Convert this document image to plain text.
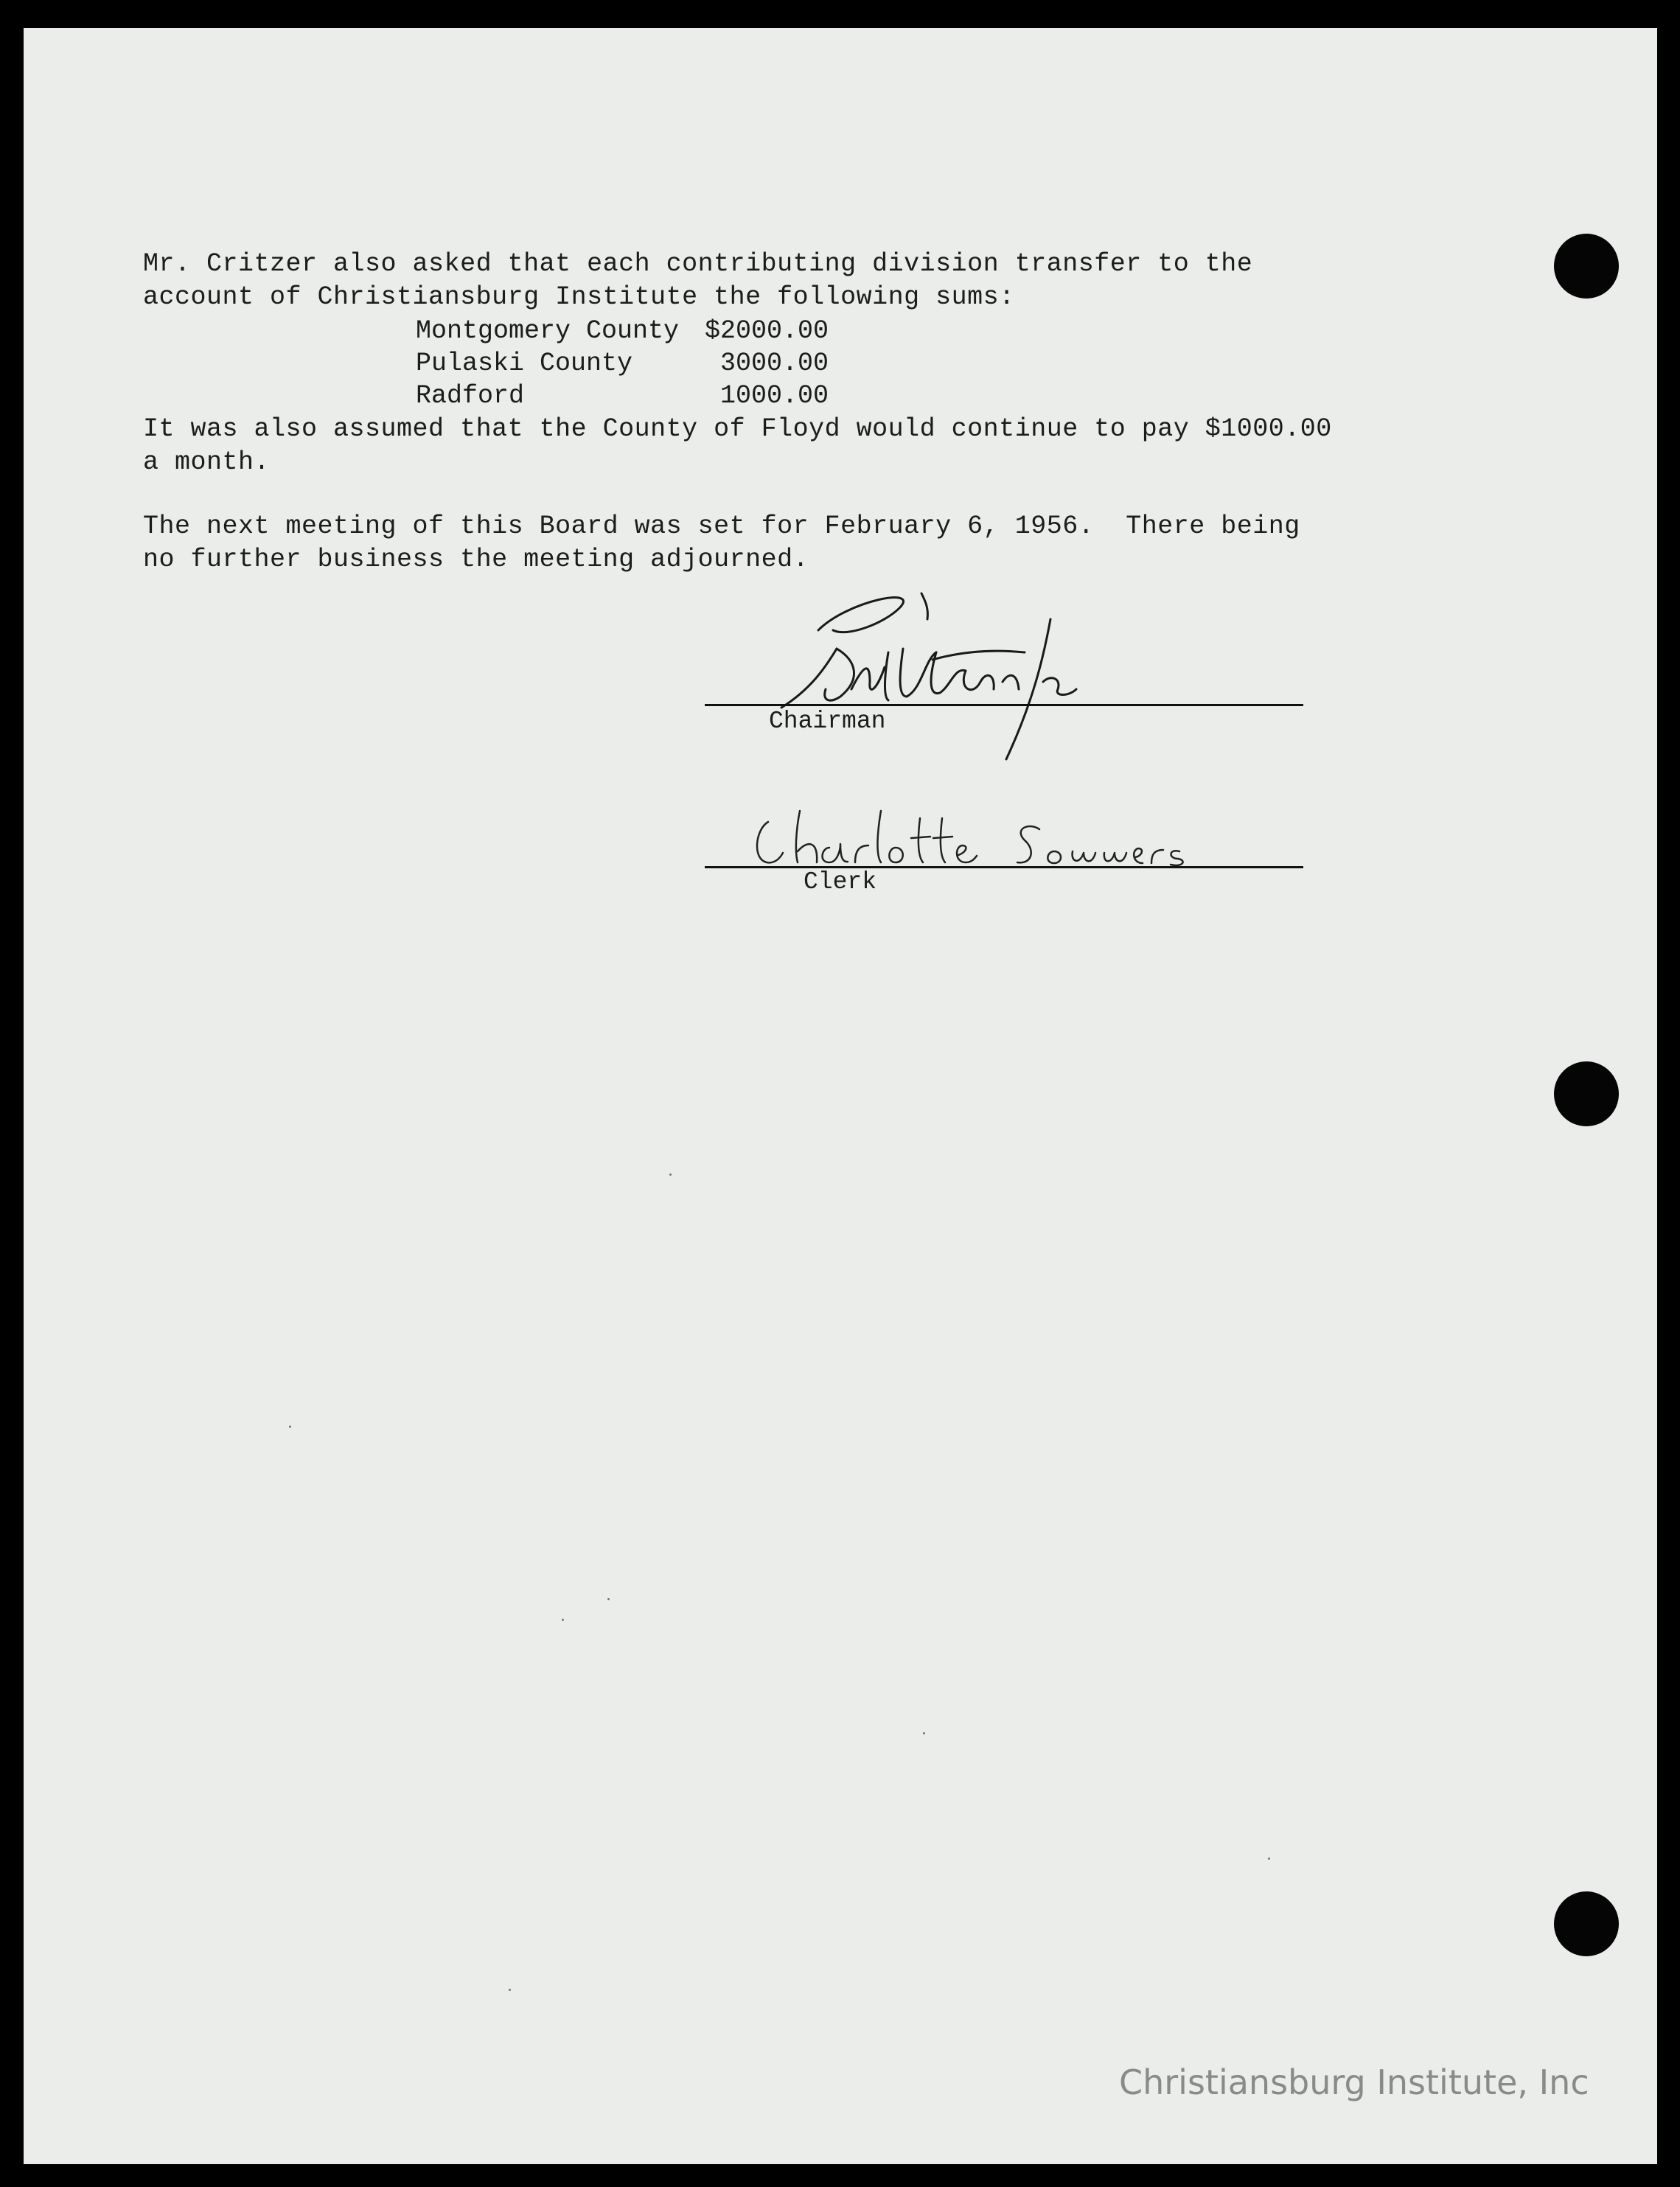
Mr. Critzer also asked that each contributing division transfer to the
account of Christiansburg Institute the following sums:
Montgomery County $2000.00
Pulaski County	3000.00
Radford	1000.00
It was also assumed that the County of Floyd would continue to pay $1000.00
a month.
The next meeting of this Board was set for February 6, 1956.  There being
no further business the meeting adjourned.
Chairman
Clerk
Christiansburg Institute, Inc
